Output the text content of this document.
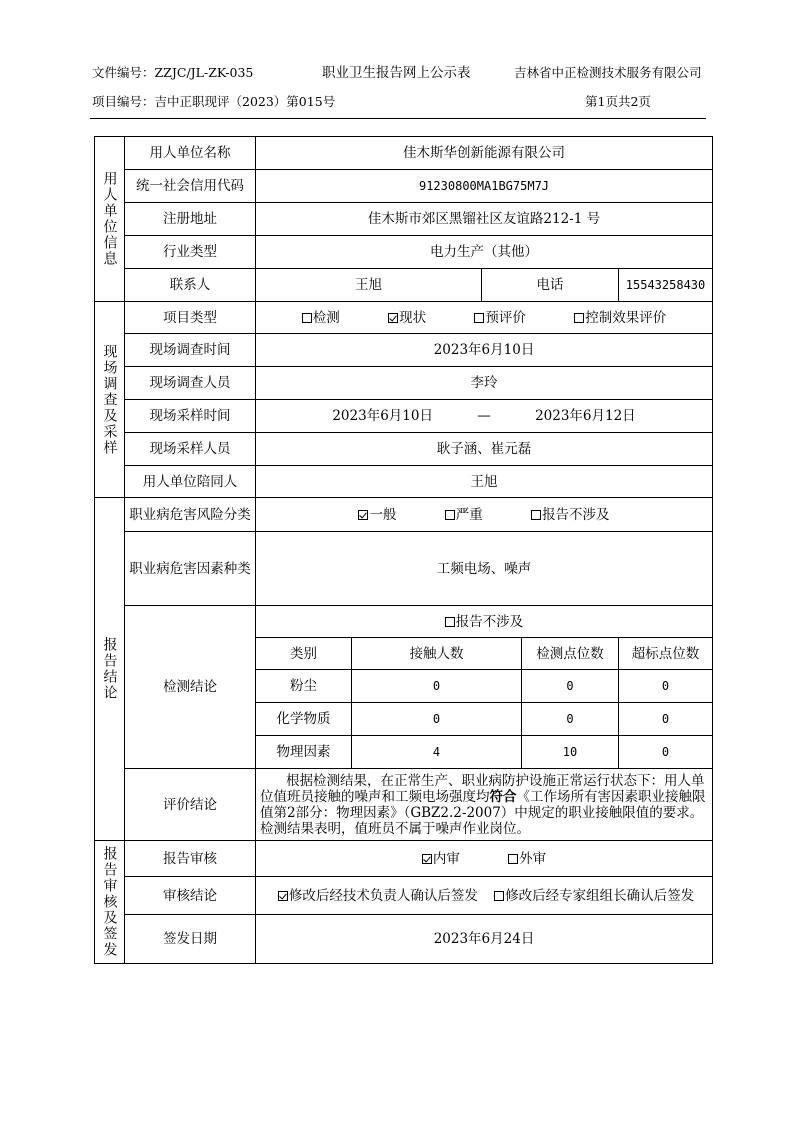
文件编号：ZZJC/JL-ZK-035	职业卫生报告网上公示表	吉林省中正检测技术服务有限公司
项目编号：吉中正职现评（2023）第015号	第1页共2页
用人单位信息	用人单位名称	佳木斯华创新能源有限公司				
	统一社会信用代码	91230800MA1BG75M7J				
	注册地址	佳木斯市郊区黑镏社区友谊路212-1 号				
	行业类型	电力生产（其他）				
	联系人	王旭		电话		15543258430
现场调查及采样	项目类型	检测 现状 预评价 控制效果评价				
	现场调查时间	2023年6月10日				
	现场调查人员	李玲				
	现场采样时间	2023年6月10日 — 2023年6月12日				
	现场采样人员	耿子涵、崔元磊				
	用人单位陪同人	王旭				
报告结论	职业病危害风险分类	一般 严重 报告不涉及				
	职业病危害因素种类	工频电场、噪声				
	检测结论	报告不涉及				
		类别	接触人数		检测点位数	超标点位数
		粉尘	0		0	0
		化学物质	0		0	0
		物理因素	4		10	0
	评价结论	根据检测结果，在正常生产、职业病防护设施正常运行状态下：用人单位值班员接触的噪声和工频电场强度均符合《工作场所有害因素职业接触限值第2部分：物理因素》（GBZ2.2-2007）中规定的职业接触限值的要求。检测结果表明，值班员不属于噪声作业岗位。				
报告审核及签发	报告审核	内审 外审				
	审核结论	修改后经技术负责人确认后签发 修改后经专家组组长确认后签发				
	签发日期	2023年6月24日				
